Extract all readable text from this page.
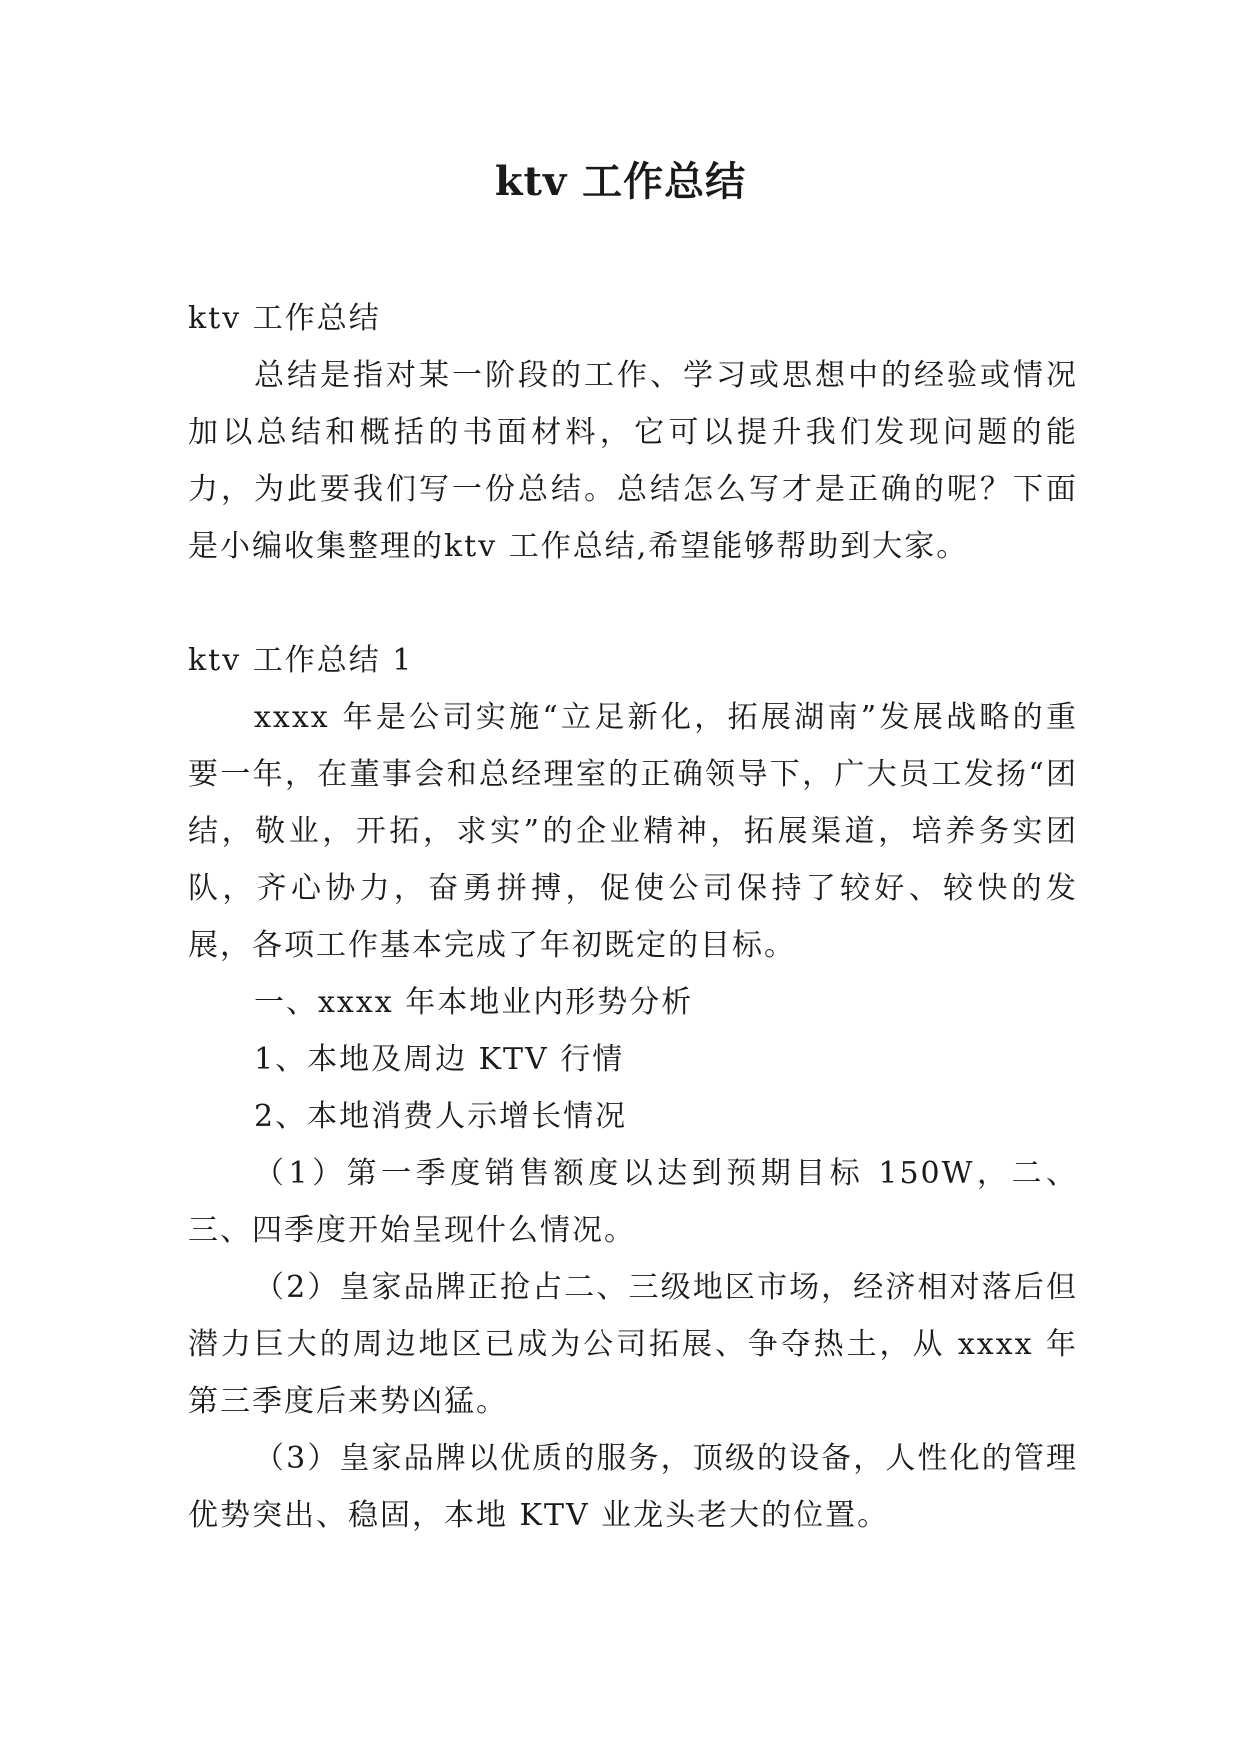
ktv 工作总结

ktv 工作总结

总结是指对某一阶段的工作、学习或思想中的经验或情况加以总结和概括的书面材料，它可以提升我们发现问题的能力，为此要我们写一份总结。总结怎么写才是正确的呢？下面是小编收集整理的ktv 工作总结,希望能够帮助到大家。

ktv 工作总结 1

xxxx 年是公司实施“立足新化，拓展湖南”发展战略的重要一年，在董事会和总经理室的正确领导下，广大员工发扬“团结，敬业，开拓，求实”的企业精神，拓展渠道，培养务实团队，齐心协力，奋勇拼搏，促使公司保持了较好、较快的发展，各项工作基本完成了年初既定的目标。

一、xxxx 年本地业内形势分析

1、本地及周边 KTV 行情

2、本地消费人示增长情况

（1）第一季度销售额度以达到预期目标 150W，二、三、四季度开始呈现什么情况。

（2）皇家品牌正抢占二、三级地区市场，经济相对落后但潜力巨大的周边地区已成为公司拓展、争夺热土，从 xxxx 年第三季度后来势凶猛。

（3）皇家品牌以优质的服务，顶级的设备，人性化的管理优势突出、稳固，本地 KTV 业龙头老大的位置。
